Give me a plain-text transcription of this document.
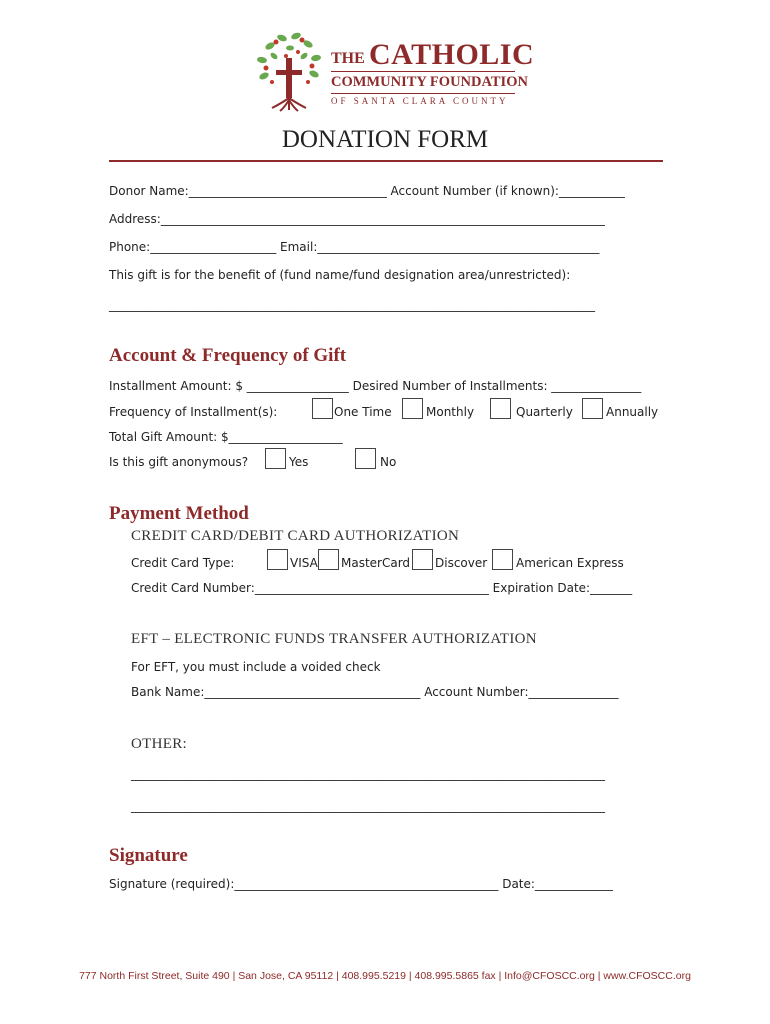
THE CATHOLIC
COMMUNITY FOUNDATION
OF SANTA CLARA COUNTY
DONATION FORM
Donor Name:_________________________________ Account Number (if known):___________
Address:__________________________________________________________________________
Phone:_____________________ Email:_______________________________________________
This gift is for the benefit of (fund name/fund designation area/unrestricted):
_________________________________________________________________________________
Account & Frequency of Gift
Installment Amount: $ _________________ Desired Number of Installments: _______________
Frequency of Installment(s):	One Time	Monthly	Quarterly	Annually
Total Gift Amount: $___________________
Is this gift anonymous?	Yes	No
Payment Method
CREDIT CARD/DEBIT CARD AUTHORIZATION
Credit Card Type:	VISA MasterCard Discover American Express
Credit Card Number:_______________________________________ Expiration Date:_______
EFT – ELECTRONIC FUNDS TRANSFER AUTHORIZATION
For EFT, you must include a voided check
Bank Name:____________________________________ Account Number:_______________
OTHER:
_______________________________________________________________________________
_______________________________________________________________________________
Signature
Signature (required):____________________________________________ Date:_____________
777 North First Street, Suite 490 | San Jose, CA 95112 | 408.995.5219 | 408.995.5865 fax | Info@CFOSCC.org | www.CFOSCC.org
